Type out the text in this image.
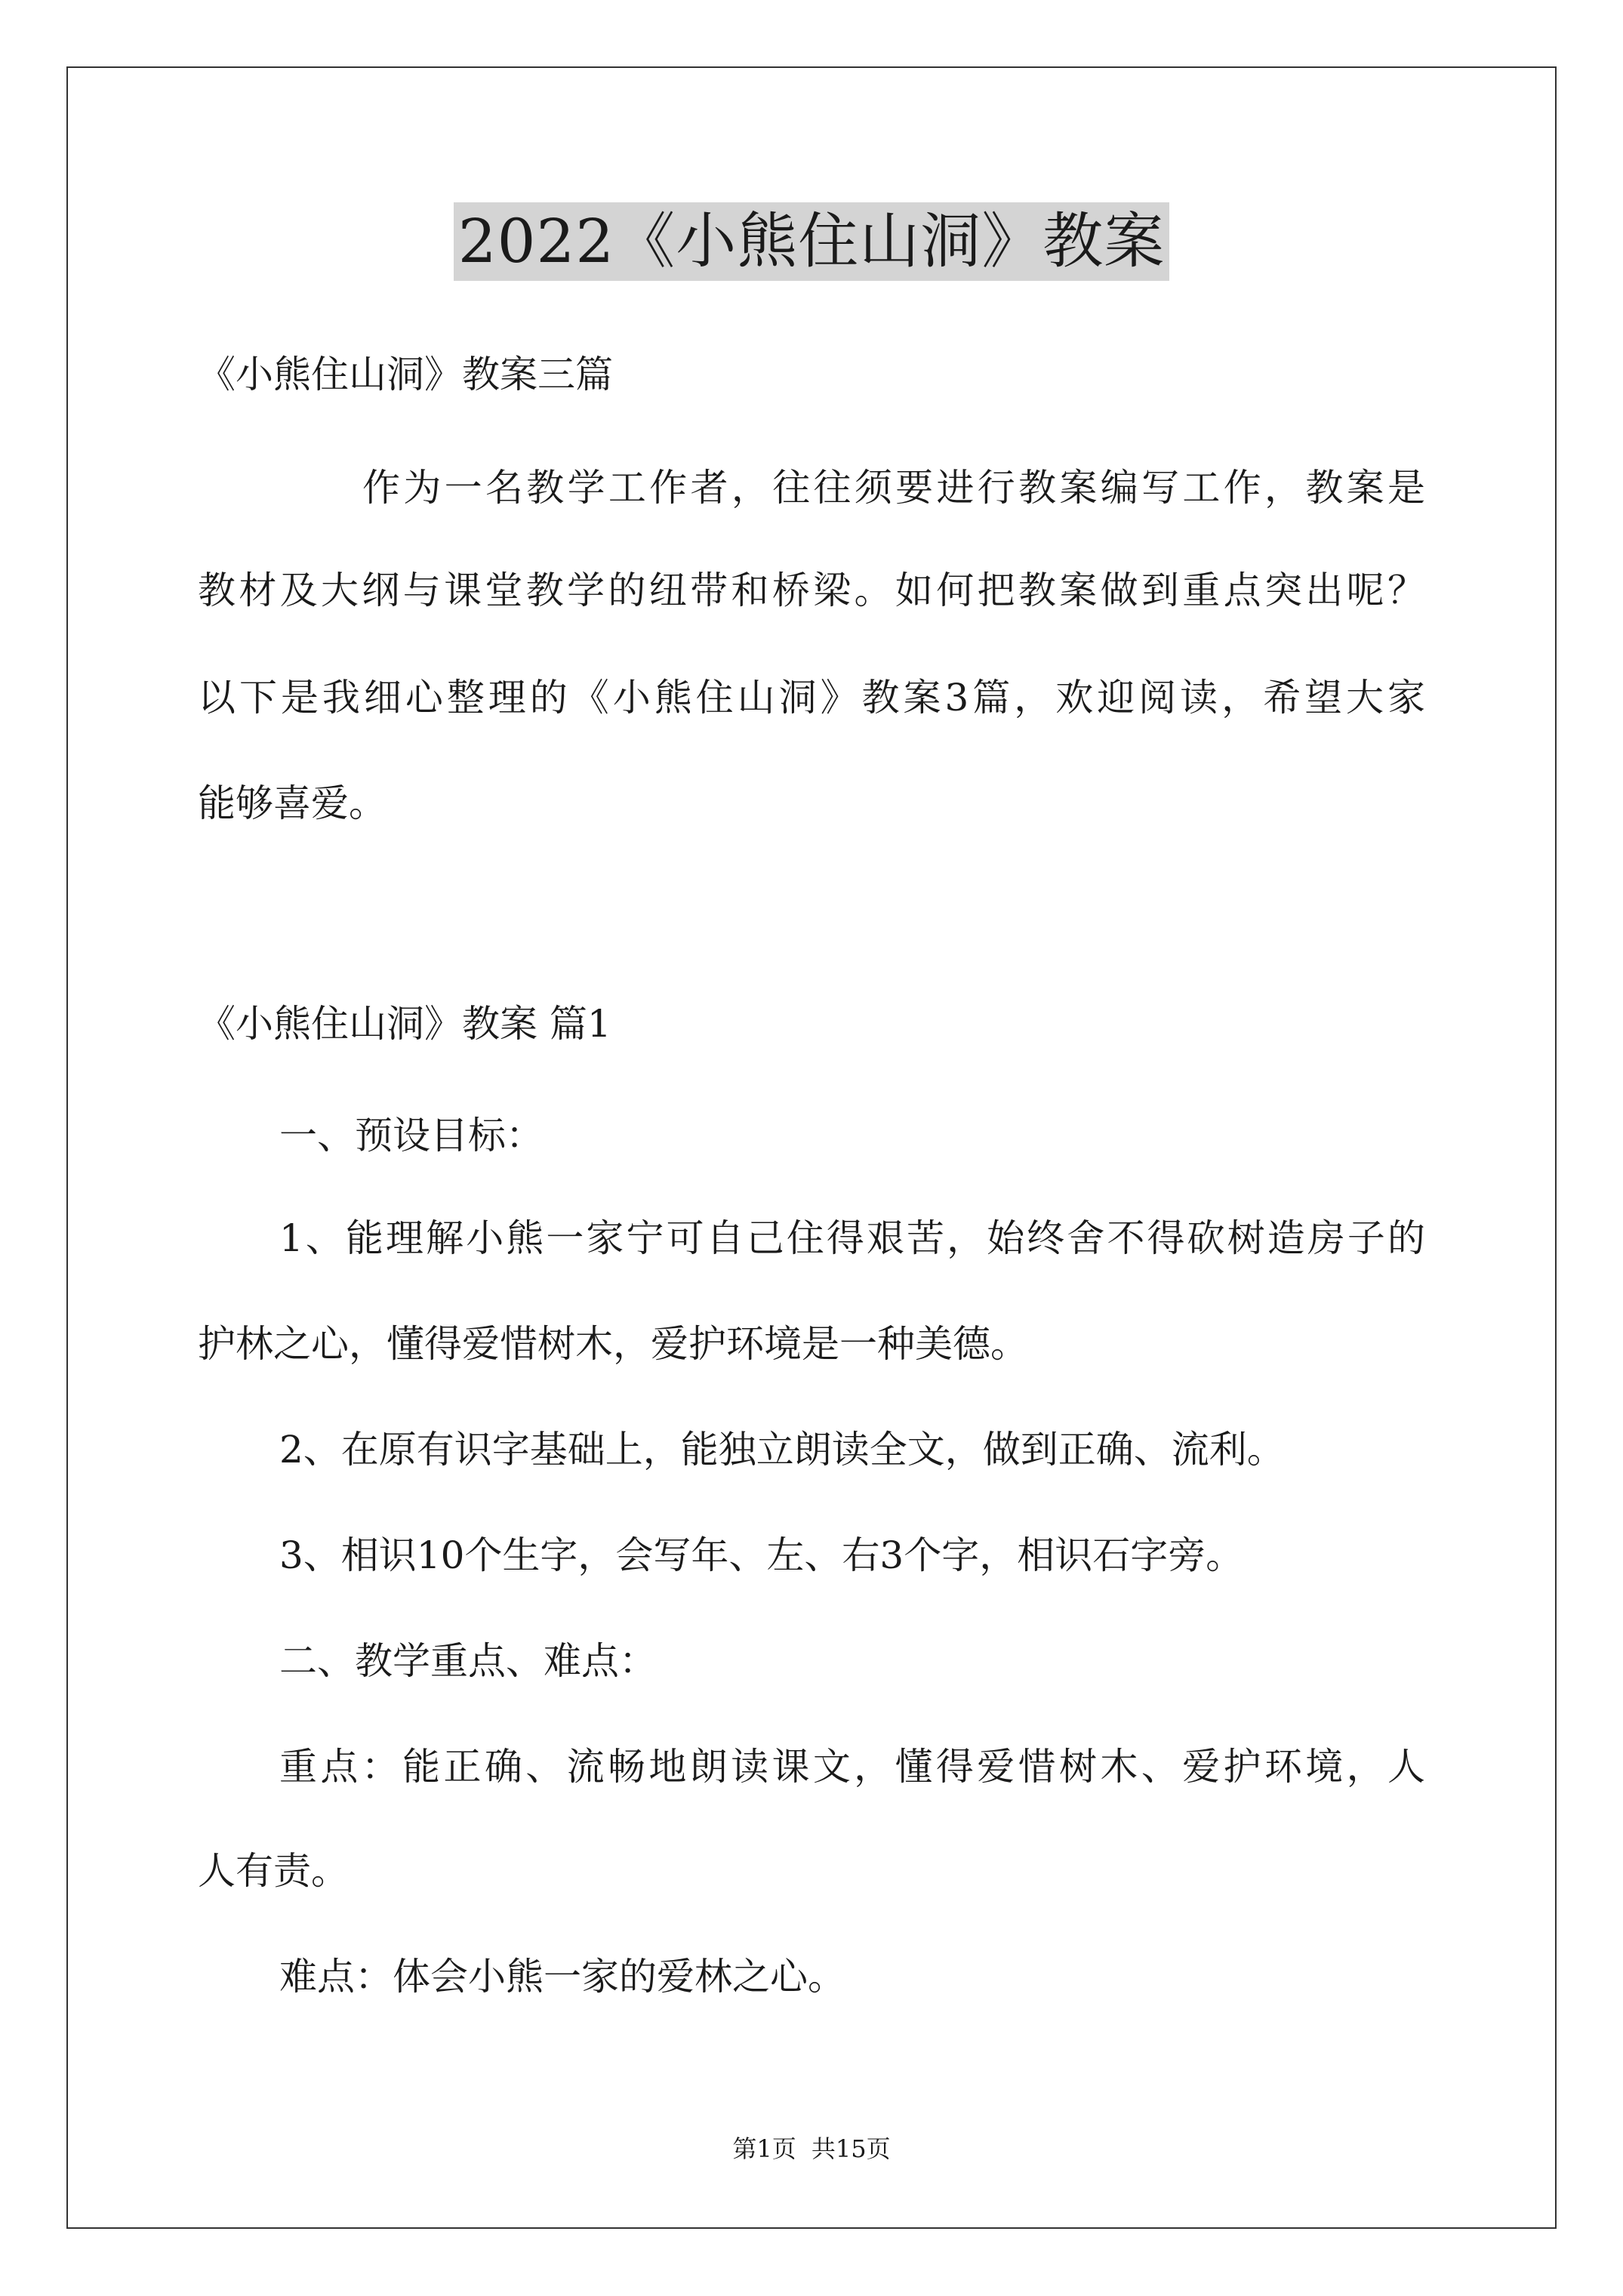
2022《小熊住山洞》教案
《小熊住山洞》教案三篇
作为一名教学工作者，往往须要进行教案编写工作，教案是
教材及大纲与课堂教学的纽带和桥梁。如何把教案做到重点突出呢？
以下是我细心整理的《小熊住山洞》教案3篇，欢迎阅读，希望大家
能够喜爱。
《小熊住山洞》教案 篇1
一、预设目标：
1、能理解小熊一家宁可自己住得艰苦，始终舍不得砍树造房子的
护林之心，懂得爱惜树木，爱护环境是一种美德。
2、在原有识字基础上，能独立朗读全文，做到正确、流利。
3、相识10个生字，会写年、左、右3个字，相识石字旁。
二、教学重点、难点：
重点：能正确、流畅地朗读课文，懂得爱惜树木、爱护环境，人
人有责。
难点：体会小熊一家的爱林之心。
第1页 共15页
